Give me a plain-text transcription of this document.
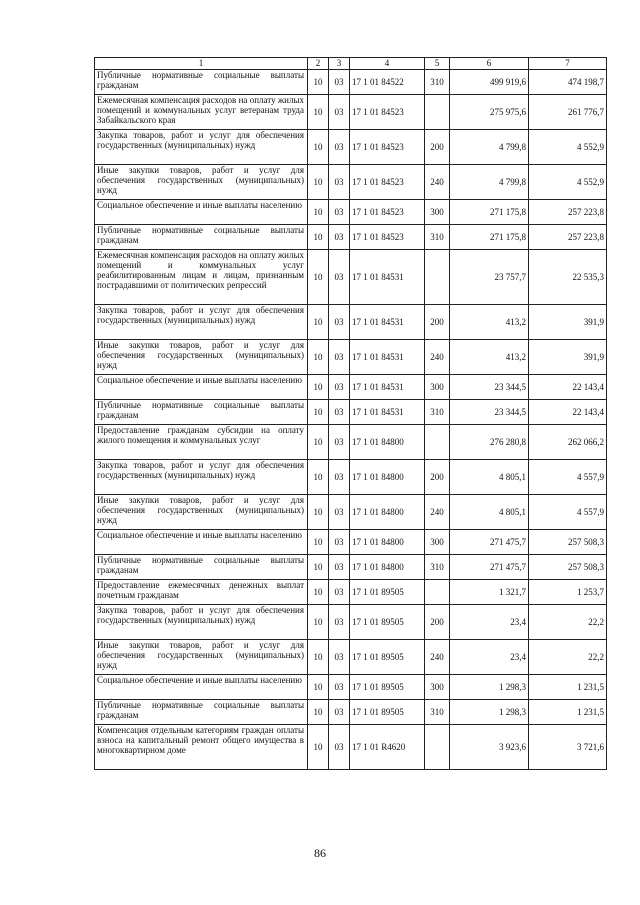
1	2	3	4	5	6	7
Публичные нормативные социальные выплаты гражданам	10	03	17 1 01 84522	310	499 919,6	474 198,7
Ежемесячная компенсация расходов на оплату жилых помещений и коммунальных услуг ветеранам труда Забайкальского края	10	03	17 1 01 84523		275 975,6	261 776,7
Закупка товаров, работ и услуг для обеспечения государственных (муниципальных) нужд	10	03	17 1 01 84523	200	4 799,8	4 552,9
Иные закупки товаров, работ и услуг для обеспечения государственных (муниципальных) нужд	10	03	17 1 01 84523	240	4 799,8	4 552,9
Социальное обеспечение и иные выплаты населению	10	03	17 1 01 84523	300	271 175,8	257 223,8
Публичные нормативные социальные выплаты гражданам	10	03	17 1 01 84523	310	271 175,8	257 223,8
Ежемесячная компенсация расходов на оплату жилых помещений и коммунальных услуг реабилитированным лицам и лицам, признанным пострадавшими от политических репрессий	10	03	17 1 01 84531		23 757,7	22 535,3
Закупка товаров, работ и услуг для обеспечения государственных (муниципальных) нужд	10	03	17 1 01 84531	200	413,2	391,9
Иные закупки товаров, работ и услуг для обеспечения государственных (муниципальных) нужд	10	03	17 1 01 84531	240	413,2	391,9
Социальное обеспечение и иные выплаты населению	10	03	17 1 01 84531	300	23 344,5	22 143,4
Публичные нормативные социальные выплаты гражданам	10	03	17 1 01 84531	310	23 344,5	22 143,4
Предоставление гражданам субсидии на оплату жилого помещения и коммунальных услуг	10	03	17 1 01 84800		276 280,8	262 066,2
Закупка товаров, работ и услуг для обеспечения государственных (муниципальных) нужд	10	03	17 1 01 84800	200	4 805,1	4 557,9
Иные закупки товаров, работ и услуг для обеспечения государственных (муниципальных) нужд	10	03	17 1 01 84800	240	4 805,1	4 557,9
Социальное обеспечение и иные выплаты населению	10	03	17 1 01 84800	300	271 475,7	257 508,3
Публичные нормативные социальные выплаты гражданам	10	03	17 1 01 84800	310	271 475,7	257 508,3
Предоставление ежемесячных денежных выплат почетным гражданам	10	03	17 1 01 89505		1 321,7	1 253,7
Закупка товаров, работ и услуг для обеспечения государственных (муниципальных) нужд	10	03	17 1 01 89505	200	23,4	22,2
Иные закупки товаров, работ и услуг для обеспечения государственных (муниципальных) нужд	10	03	17 1 01 89505	240	23,4	22,2
Социальное обеспечение и иные выплаты населению	10	03	17 1 01 89505	300	1 298,3	1 231,5
Публичные нормативные социальные выплаты гражданам	10	03	17 1 01 89505	310	1 298,3	1 231,5
Компенсация отдельным категориям граждан оплаты взноса на капитальный ремонт общего имущества в многоквартирном доме	10	03	17 1 01 R4620		3 923,6	3 721,6
86
